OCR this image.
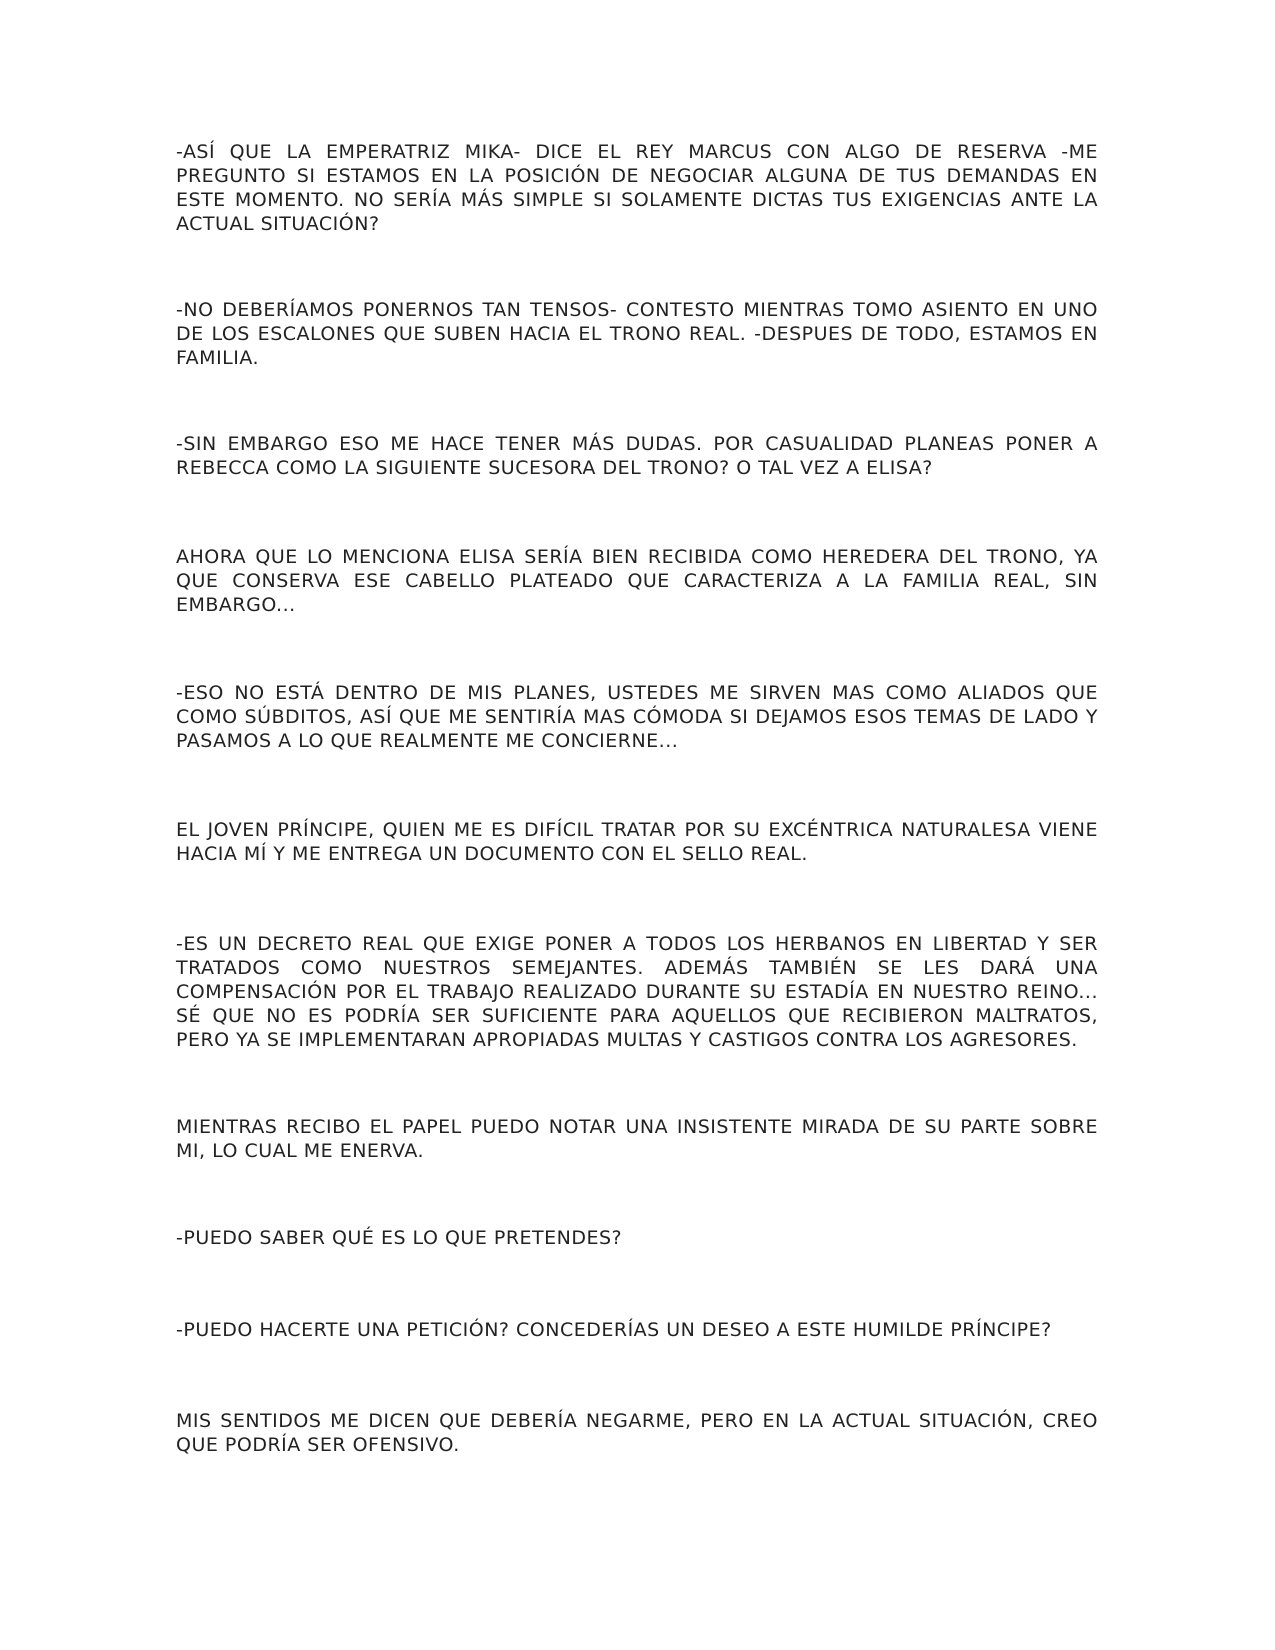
-ASÍ QUE LA EMPERATRIZ MIKA- DICE EL REY MARCUS CON ALGO DE RESERVA -ME PREGUNTO SI ESTAMOS EN LA POSICIÓN DE NEGOCIAR ALGUNA DE TUS DEMANDAS EN ESTE MOMENTO. NO SERÍA MÁS SIMPLE SI SOLAMENTE DICTAS TUS EXIGENCIAS ANTE LA ACTUAL SITUACIÓN?

-NO DEBERÍAMOS PONERNOS TAN TENSOS- CONTESTO MIENTRAS TOMO ASIENTO EN UNO DE LOS ESCALONES QUE SUBEN HACIA EL TRONO REAL. -DESPUES DE TODO, ESTAMOS EN FAMILIA.

-SIN EMBARGO ESO ME HACE TENER MÁS DUDAS. POR CASUALIDAD PLANEAS PONER A REBECCA COMO LA SIGUIENTE SUCESORA DEL TRONO? O TAL VEZ A ELISA?

AHORA QUE LO MENCIONA ELISA SERÍA BIEN RECIBIDA COMO HEREDERA DEL TRONO, YA QUE CONSERVA ESE CABELLO PLATEADO QUE CARACTERIZA A LA FAMILIA REAL, SIN EMBARGO...

-ESO NO ESTÁ DENTRO DE MIS PLANES, USTEDES ME SIRVEN MAS COMO ALIADOS QUE COMO SÚBDITOS, ASÍ QUE ME SENTIRÍA MAS CÓMODA SI DEJAMOS ESOS TEMAS DE LADO Y PASAMOS A LO QUE REALMENTE ME CONCIERNE...

EL JOVEN PRÍNCIPE, QUIEN ME ES DIFÍCIL TRATAR POR SU EXCÉNTRICA NATURALESA VIENE HACIA MÍ Y ME ENTREGA UN DOCUMENTO CON EL SELLO REAL.

-ES UN DECRETO REAL QUE EXIGE PONER A TODOS LOS HERBANOS EN LIBERTAD Y SER TRATADOS COMO NUESTROS SEMEJANTES. ADEMÁS TAMBIÉN SE LES DARÁ UNA COMPENSACIÓN POR EL TRABAJO REALIZADO DURANTE SU ESTADÍA EN NUESTRO REINO... SÉ QUE NO ES PODRÍA SER SUFICIENTE PARA AQUELLOS QUE RECIBIERON MALTRATOS, PERO YA SE IMPLEMENTARAN APROPIADAS MULTAS Y CASTIGOS CONTRA LOS AGRESORES.

MIENTRAS RECIBO EL PAPEL PUEDO NOTAR UNA INSISTENTE MIRADA DE SU PARTE SOBRE MI, LO CUAL ME ENERVA.

-PUEDO SABER QUÉ ES LO QUE PRETENDES?

-PUEDO HACERTE UNA PETICIÓN? CONCEDERÍAS UN DESEO A ESTE HUMILDE PRÍNCIPE?

MIS SENTIDOS ME DICEN QUE DEBERÍA NEGARME, PERO EN LA ACTUAL SITUACIÓN, CREO QUE PODRÍA SER OFENSIVO.
